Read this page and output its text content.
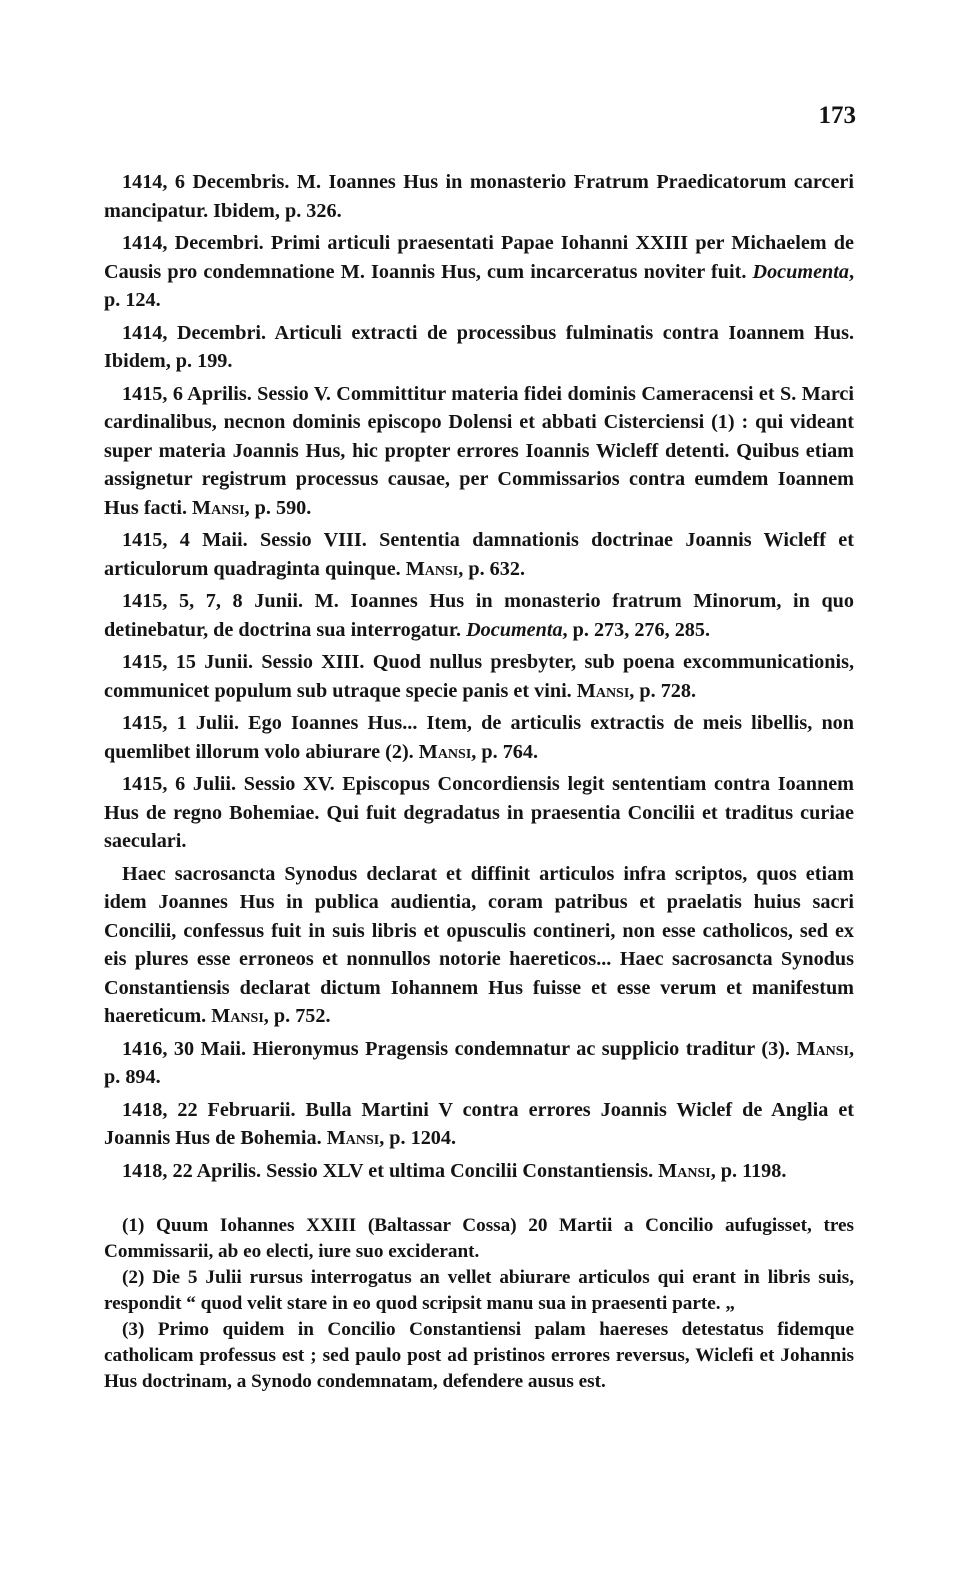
173

1414, 6 Decembris. M. Ioannes Hus in monasterio Fratrum Praedicatorum carceri mancipatur. Ibidem, p. 326.

1414, Decembri. Primi articuli praesentati Papae Iohanni XXIII per Michaelem de Causis pro condemnatione M. Ioannis Hus, cum incarceratus noviter fuit. Documenta, p. 124.

1414, Decembri. Articuli extracti de processibus fulminatis contra Ioannem Hus. Ibidem, p. 199.

1415, 6 Aprilis. Sessio V. Committitur materia fidei dominis Cameracensi et S. Marci cardinalibus, necnon dominis episcopo Dolensi et abbati Cisterciensi (1) : qui videant super materia Joannis Hus, hic propter errores Ioannis Wicleff detenti. Quibus etiam assignetur registrum processus causae, per Commissarios contra eumdem Ioannem Hus facti. Mansi, p. 590.

1415, 4 Maii. Sessio VIII. Sententia damnationis doctrinae Joannis Wicleff et articulorum quadraginta quinque. Mansi, p. 632.

1415, 5, 7, 8 Junii. M. Ioannes Hus in monasterio fratrum Minorum, in quo detinebatur, de doctrina sua interrogatur. Documenta, p. 273, 276, 285.

1415, 15 Junii. Sessio XIII. Quod nullus presbyter, sub poena excommunicationis, communicet populum sub utraque specie panis et vini. Mansi, p. 728.

1415, 1 Julii. Ego Ioannes Hus... Item, de articulis extractis de meis libellis, non quemlibet illorum volo abiurare (2). Mansi, p. 764.

1415, 6 Julii. Sessio XV. Episcopus Concordiensis legit sententiam contra Ioannem Hus de regno Bohemiae. Qui fuit degradatus in praesentia Concilii et traditus curiae saeculari.

Haec sacrosancta Synodus declarat et diffinit articulos infra scriptos, quos etiam idem Joannes Hus in publica audientia, coram patribus et praelatis huius sacri Concilii, confessus fuit in suis libris et opusculis contineri, non esse catholicos, sed ex eis plures esse erroneos et nonnullos notorie haereticos... Haec sacrosancta Synodus Constantiensis declarat dictum Iohannem Hus fuisse et esse verum et manifestum haereticum. Mansi, p. 752.

1416, 30 Maii. Hieronymus Pragensis condemnatur ac supplicio traditur (3). Mansi, p. 894.

1418, 22 Februarii. Bulla Martini V contra errores Joannis Wiclef de Anglia et Joannis Hus de Bohemia. Mansi, p. 1204.

1418, 22 Aprilis. Sessio XLV et ultima Concilii Constantiensis. Mansi, p. 1198.

(1) Quum Iohannes XXIII (Baltassar Cossa) 20 Martii a Concilio aufugisset, tres Commissarii, ab eo electi, iure suo exciderant.

(2) Die 5 Julii rursus interrogatus an vellet abiurare articulos qui erant in libris suis, respondit “ quod velit stare in eo quod scripsit manu sua in praesenti parte. „

(3) Primo quidem in Concilio Constantiensi palam haereses detestatus fidemque catholicam professus est ; sed paulo post ad pristinos errores reversus, Wiclefi et Johannis Hus doctrinam, a Synodo condemnatam, defendere ausus est.
